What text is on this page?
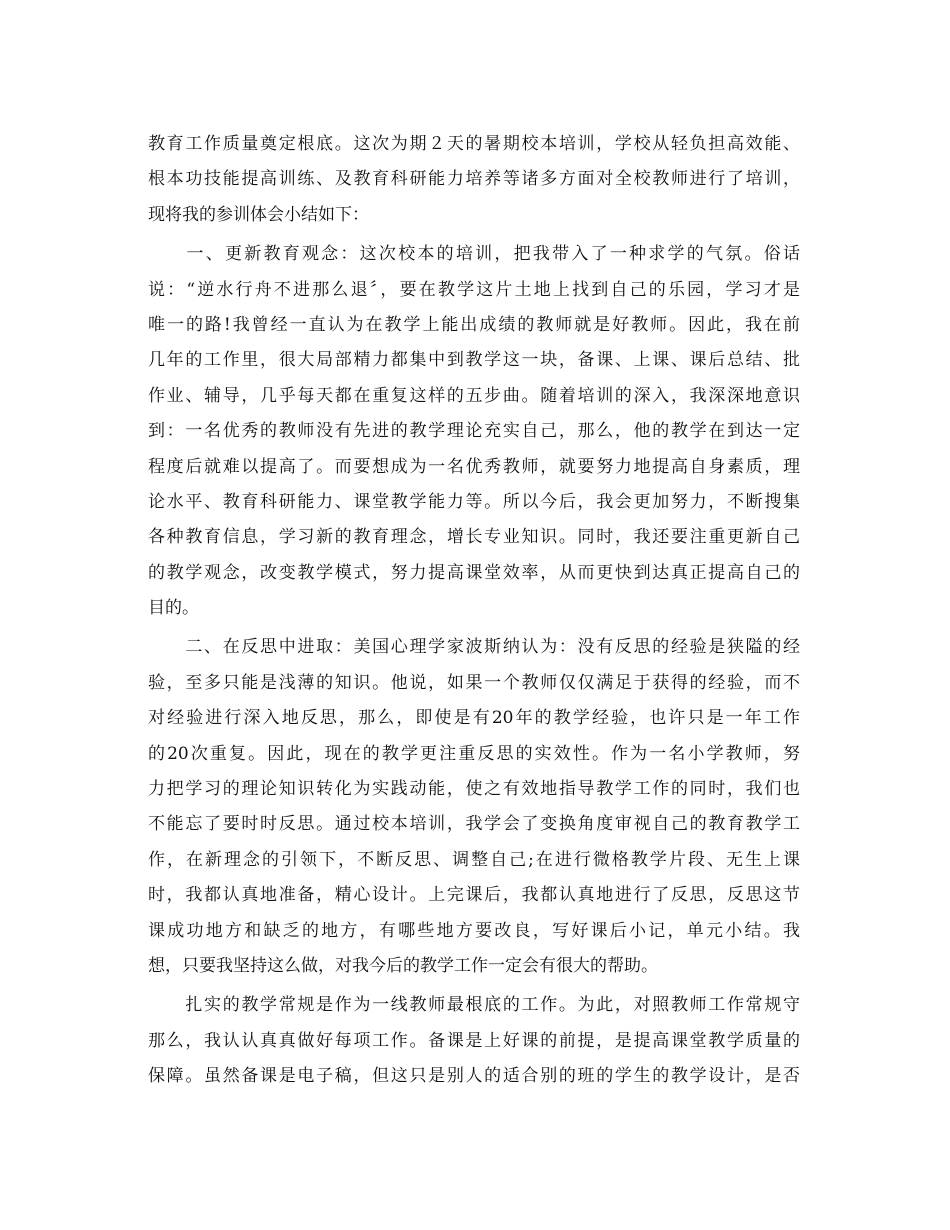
教育工作质量奠定根底。这次为期２天的暑期校本培训，学校从轻负担高效能、
根本功技能提高训练、及教育科研能力培养等诸多方面对全校教师进行了培训，
现将我的参训体会小结如下：
　　一、更新教育观念：这次校本的培训，把我带入了一种求学的气氛。俗话
说：“逆水行舟不进那么退〞，要在教学这片土地上找到自己的乐园，学习才是
唯一的路!我曾经一直认为在教学上能出成绩的教师就是好教师。因此，我在前
几年的工作里，很大局部精力都集中到教学这一块，备课、上课、课后总结、批
作业、辅导，几乎每天都在重复这样的五步曲。随着培训的深入，我深深地意识
到：一名优秀的教师没有先进的教学理论充实自己，那么，他的教学在到达一定
程度后就难以提高了。而要想成为一名优秀教师，就要努力地提高自身素质，理
论水平、教育科研能力、课堂教学能力等。所以今后，我会更加努力，不断搜集
各种教育信息，学习新的教育理念，增长专业知识。同时，我还要注重更新自己
的教学观念，改变教学模式，努力提高课堂效率，从而更快到达真正提高自己的
目的。
　　二、在反思中进取：美国心理学家波斯纳认为：没有反思的经验是狭隘的经
验，至多只能是浅薄的知识。他说，如果一个教师仅仅满足于获得的经验，而不
对经验进行深入地反思，那么，即使是有20年的教学经验，也许只是一年工作
的20次重复。因此，现在的教学更注重反思的实效性。作为一名小学教师，努
力把学习的理论知识转化为实践动能，使之有效地指导教学工作的同时，我们也
不能忘了要时时反思。通过校本培训，我学会了变换角度审视自己的教育教学工
作，在新理念的引领下，不断反思、调整自己;在进行微格教学片段、无生上课
时，我都认真地准备，精心设计。上完课后，我都认真地进行了反思，反思这节
课成功地方和缺乏的地方，有哪些地方要改良，写好课后小记，单元小结。我
想，只要我坚持这么做，对我今后的教学工作一定会有很大的帮助。
　　扎实的教学常规是作为一线教师最根底的工作。为此，对照教师工作常规守
那么，我认认真真做好每项工作。备课是上好课的前提，是提高课堂教学质量的
保障。虽然备课是电子稿，但这只是别人的适合别的班的学生的教学设计，是否
